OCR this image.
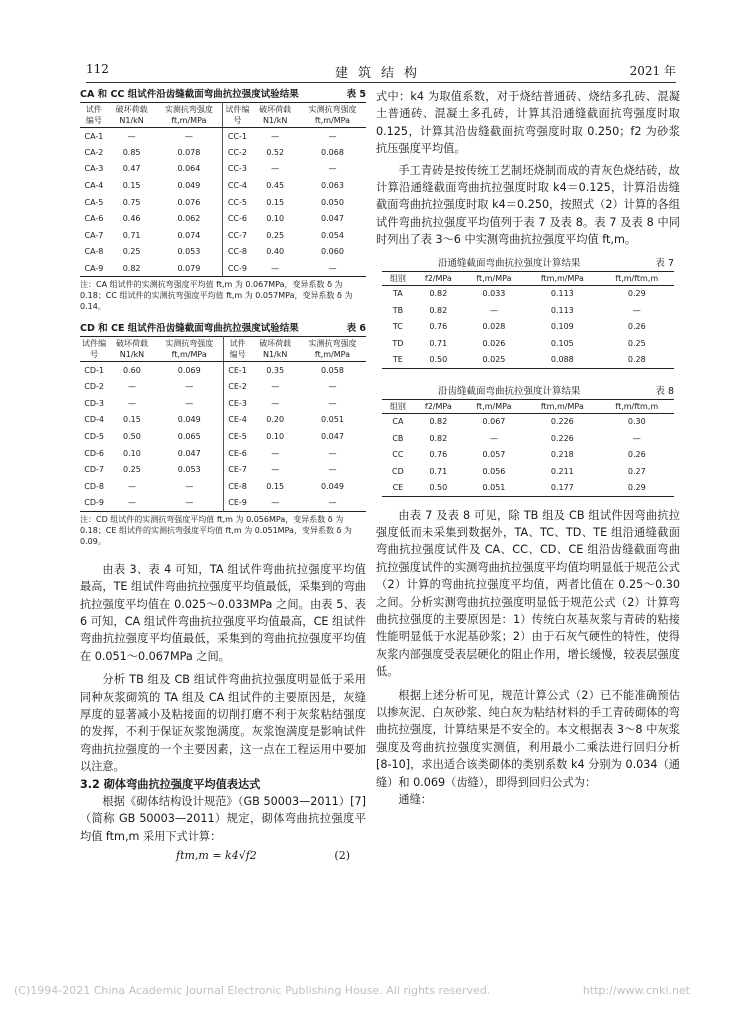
112	建筑结构	2021 年
CA 和 CC 组试件沿齿缝截面弯曲抗拉强度试验结果	表 5
试件编号	破坏荷载 N1/kN	实测抗弯强度 ft,m/MPa	试件编号	破坏荷载 N1/kN	实测抗弯强度 ft,m/MPa
CA-1	—	—	CC-1	—	—
CA-2	0.85	0.078	CC-2	0.52	0.068
CA-3	0.47	0.064	CC-3	—	—
CA-4	0.15	0.049	CC-4	0.45	0.063
CA-5	0.75	0.076	CC-5	0.15	0.050
CA-6	0.46	0.062	CC-6	0.10	0.047
CA-7	0.71	0.074	CC-7	0.25	0.054
CA-8	0.25	0.053	CC-8	0.40	0.060
CA-9	0.82	0.079	CC-9	—	—
注：CA 组试件的实测抗弯强度平均值 ft,m 为 0.067MPa，变异系数 δ 为 0.18；CC 组试件的实测抗弯强度平均值 ft,m 为 0.057MPa，变异系数 δ 为 0.14。
CD 和 CE 组试件沿齿缝截面弯曲抗拉强度试验结果	表 6
试件编号	破坏荷载 N1/kN	实测抗弯强度 ft,m/MPa	试件编号	破坏荷载 N1/kN	实测抗弯强度 ft,m/MPa
CD-1	0.60	0.069	CE-1	0.35	0.058
CD-2	—	—	CE-2	—	—
CD-3	—	—	CE-3	—	—
CD-4	0.15	0.049	CE-4	0.20	0.051
CD-5	0.50	0.065	CE-5	0.10	0.047
CD-6	0.10	0.047	CE-6	—	—
CD-7	0.25	0.053	CE-7	—	—
CD-8	—	—	CE-8	0.15	0.049
CD-9	—	—	CE-9	—	—
注：CD 组试件的实测抗弯强度平均值 ft,m 为 0.056MPa，变异系数 δ 为 0.18；CE 组试件的实测抗弯强度平均值 ft,m 为 0.051MPa，变异系数 δ 为 0.09。

由表 3、表 4 可知，TA 组试件弯曲抗拉强度平均值最高，TE 组试件弯曲抗拉强度平均值最低，采集到的弯曲抗拉强度平均值在 0.025～0.033MPa 之间。由表 5、表 6 可知，CA 组试件弯曲抗拉强度平均值最高，CE 组试件弯曲抗拉强度平均值最低，采集到的弯曲抗拉强度平均值在 0.051～0.067MPa 之间。

分析 TB 组及 CB 组试件弯曲抗拉强度明显低于采用同种灰浆砌筑的 TA 组及 CA 组试件的主要原因是，灰缝厚度的显著减小及粘接面的切削打磨不利于灰浆粘结强度的发挥，不利于保证灰浆饱满度。灰浆饱满度是影响试件弯曲抗拉强度的一个主要因素，这一点在工程运用中要加以注意。

3.2 砌体弯曲抗拉强度平均值表达式

根据《砌体结构设计规范》（GB 50003—2011）[7]（简称 GB 50003—2011）规定，砌体弯曲抗拉强度平均值 ftm,m 采用下式计算：

ftm,m = k4√f2	(2)

式中：k4 为取值系数，对于烧结普通砖、烧结多孔砖、混凝土普通砖、混凝土多孔砖，计算其沿通缝截面抗弯强度时取 0.125，计算其沿齿缝截面抗弯强度时取 0.250；f2 为砂浆抗压强度平均值。

手工青砖是按传统工艺制坯烧制而成的青灰色烧结砖，故计算沿通缝截面弯曲抗拉强度时取 k4＝0.125，计算沿齿缝截面弯曲抗拉强度时取 k4＝0.250，按照式（2）计算的各组试件弯曲抗拉强度平均值列于表 7 及表 8。表 7 及表 8 中同时列出了表 3～6 中实测弯曲抗拉强度平均值 ft,m。

沿通缝截面弯曲抗拉强度计算结果	表 7
组别	f2/MPa	ft,m/MPa	ftm,m/MPa	ft,m/ftm,m
TA	0.82	0.033	0.113	0.29
TB	0.82	—	0.113	—
TC	0.76	0.028	0.109	0.26
TD	0.71	0.026	0.105	0.25
TE	0.50	0.025	0.088	0.28
沿齿缝截面弯曲抗拉强度计算结果	表 8
组别	f2/MPa	ft,m/MPa	ftm,m/MPa	ft,m/ftm,m
CA	0.82	0.067	0.226	0.30
CB	0.82	—	0.226	—
CC	0.76	0.057	0.218	0.26
CD	0.71	0.056	0.211	0.27
CE	0.50	0.051	0.177	0.29

由表 7 及表 8 可见，除 TB 组及 CB 组试件因弯曲抗拉强度低而未采集到数据外，TA、TC、TD、TE 组沿通缝截面弯曲抗拉强度试件及 CA、CC、CD、CE 组沿齿缝截面弯曲抗拉强度试件的实测弯曲抗拉强度平均值均明显低于规范公式（2）计算的弯曲抗拉强度平均值，两者比值在 0.25～0.30 之间。分析实测弯曲抗拉强度明显低于规范公式（2）计算弯曲抗拉强度的主要原因是：1）传统白灰基灰浆与青砖的粘接性能明显低于水泥基砂浆；2）由于石灰气硬性的特性，使得灰浆内部强度受表层硬化的阻止作用，增长缓慢，较表层强度低。

根据上述分析可见，规范计算公式（2）已不能准确预估以掺灰泥、白灰砂浆、纯白灰为粘结材料的手工青砖砌体的弯曲抗拉强度，计算结果是不安全的。本文根据表 3～8 中灰浆强度及弯曲抗拉强度实测值，利用最小二乘法进行回归分析[8-10]，求出适合该类砌体的类别系数 k4 分别为 0.034（通缝）和 0.069（齿缝），即得到回归公式为：

通缝：

(C)1994-2021 China Academic Journal Electronic Publishing House. All rights reserved.	http://www.cnki.net
